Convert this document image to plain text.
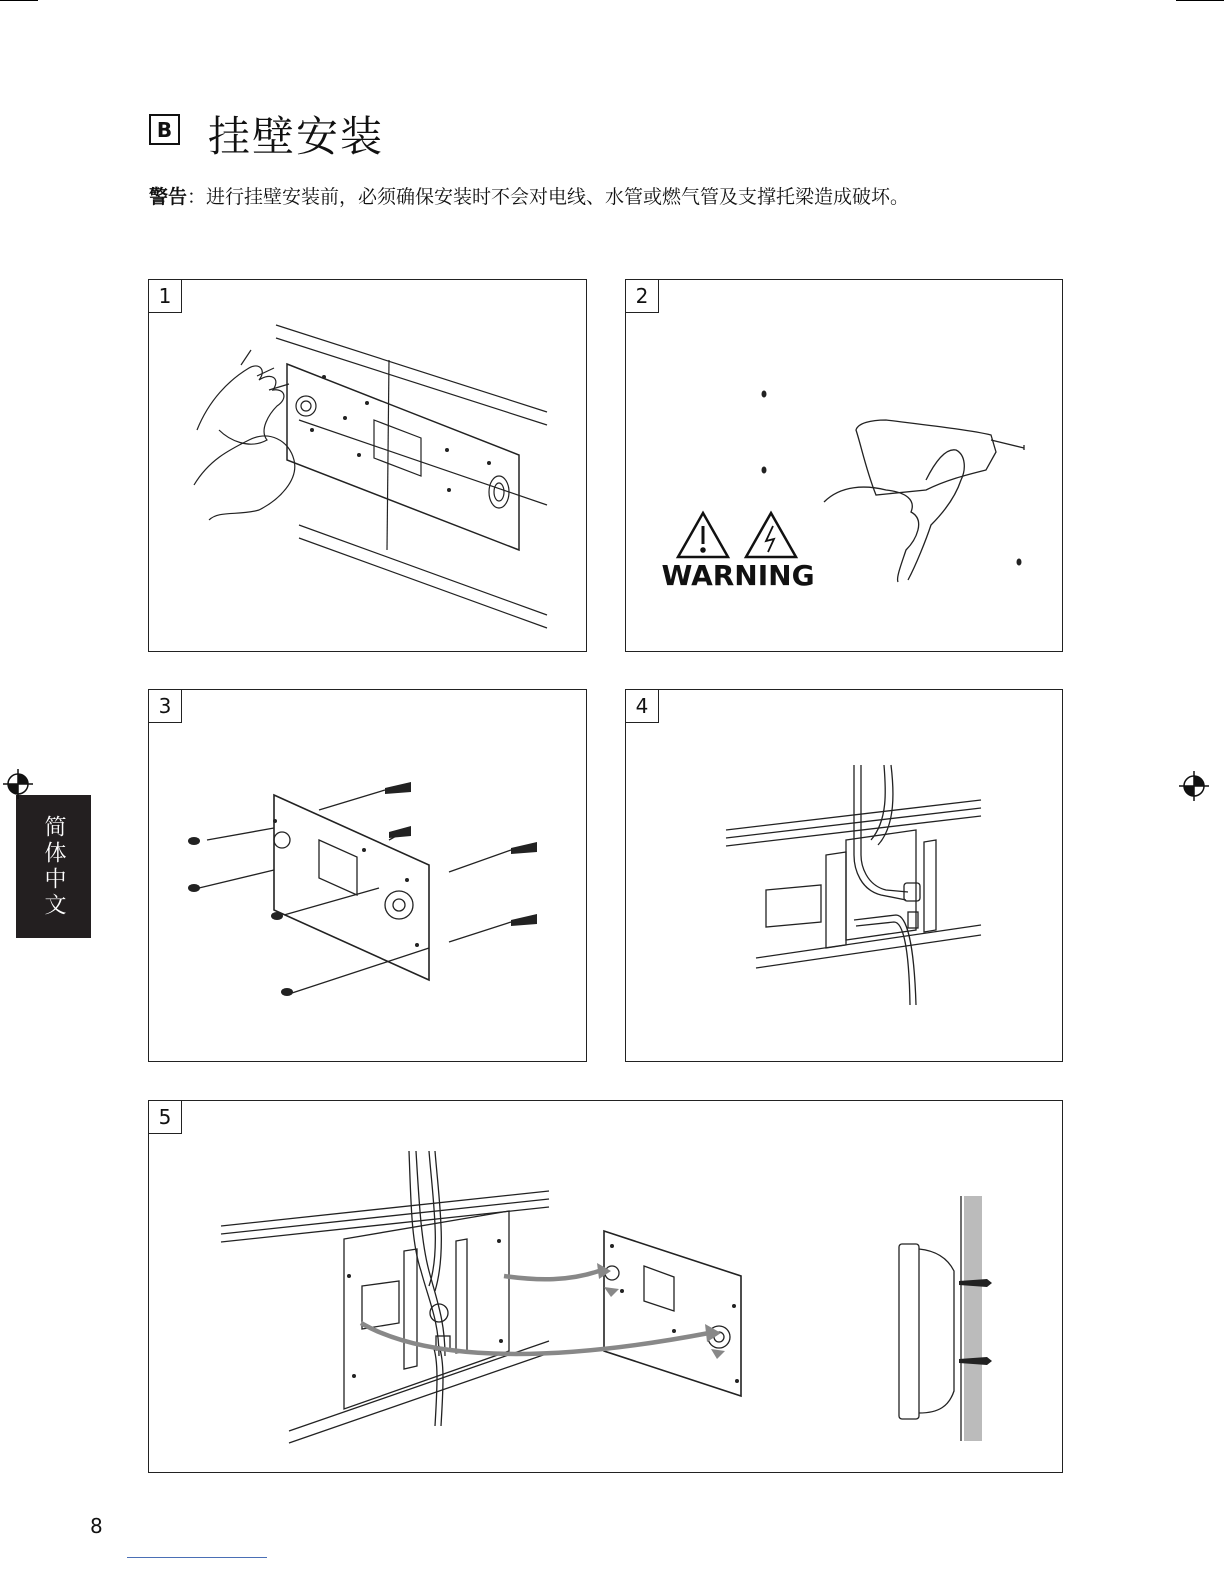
B 挂壁安装
警告：进行挂壁安装前，必须确保安装时不会对电线、水管或燃气管及支撑托梁造成破坏。
1
WARNING
2
3	4
5
简体中文
8
